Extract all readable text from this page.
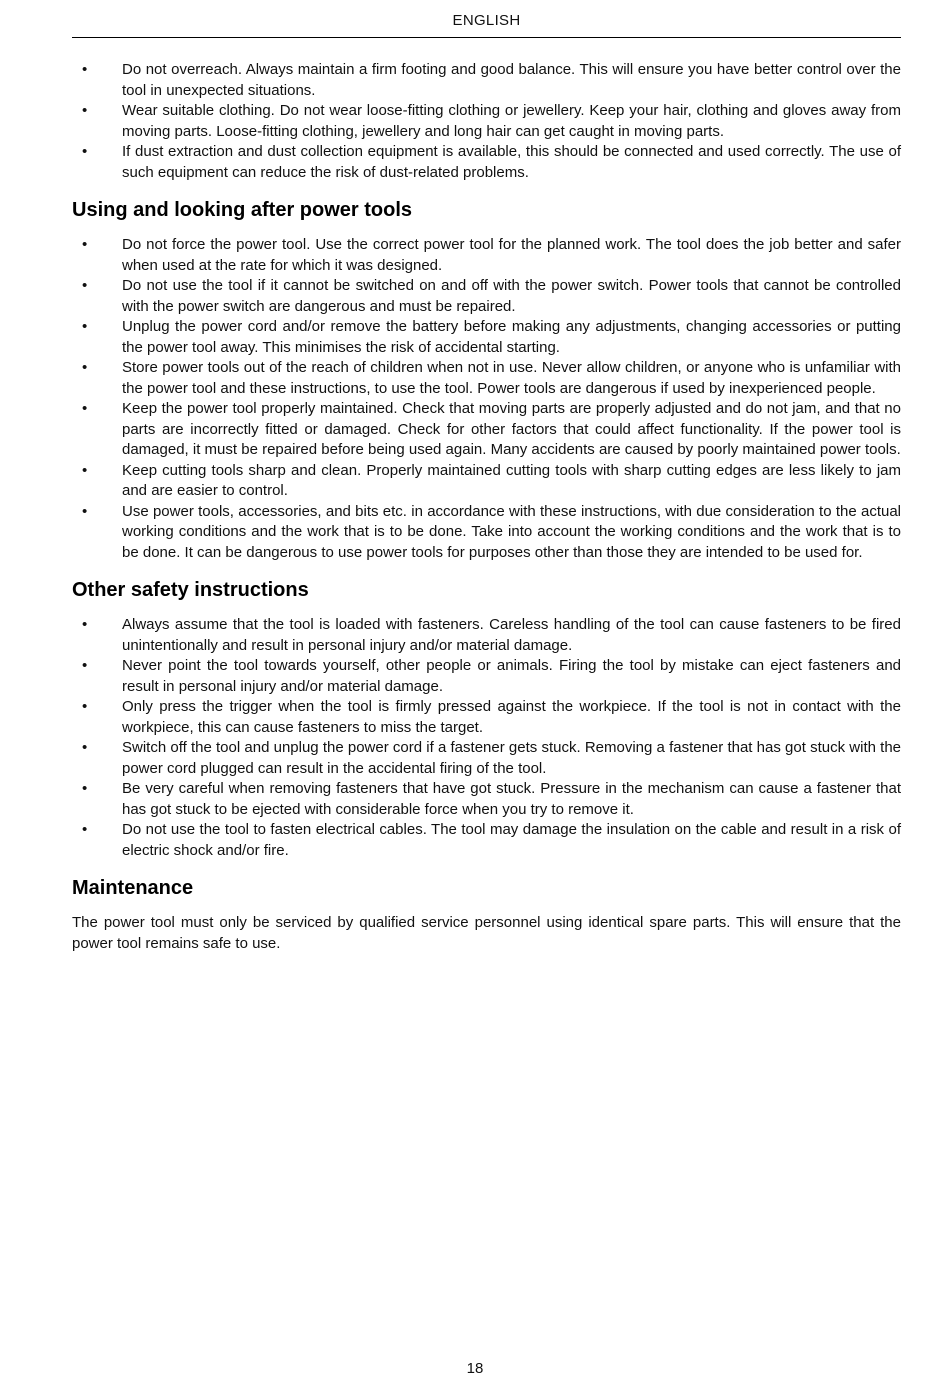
ENGLISH
•	Do not overreach. Always maintain a firm footing and good balance. This will ensure you have better control over the tool in unexpected situations.
•	Wear suitable clothing. Do not wear loose-fitting clothing or jewellery. Keep your hair, clothing and gloves away from moving parts. Loose-fitting clothing, jewellery and long hair can get caught in moving parts.
•	If dust extraction and dust collection equipment is available, this should be connected and used correctly. The use of such equipment can reduce the risk of dust-related problems.
Using and looking after power tools
•	Do not force the power tool. Use the correct power tool for the planned work. The tool does the job better and safer when used at the rate for which it was designed.
•	Do not use the tool if it cannot be switched on and off with the power switch. Power tools that cannot be controlled with the power switch are dangerous and must be repaired.
•	Unplug the power cord and/or remove the battery before making any adjustments, changing accessories or putting the power tool away. This minimises the risk of accidental starting.
•	Store power tools out of the reach of children when not in use. Never allow children, or anyone who is unfamiliar with the power tool and these instructions, to use the tool. Power tools are dangerous if used by inexperienced people.
•	Keep the power tool properly maintained. Check that moving parts are properly adjusted and do not jam, and that no parts are incorrectly fitted or damaged. Check for other factors that could affect functionality. If the power tool is damaged, it must be repaired before being used again. Many accidents are caused by poorly maintained power tools.
•	Keep cutting tools sharp and clean. Properly maintained cutting tools with sharp cutting edges are less likely to jam and are easier to control.
•	Use power tools, accessories, and bits etc. in accordance with these instructions, with due consideration to the actual working conditions and the work that is to be done. Take into account the working conditions and the work that is to be done. It can be dangerous to use power tools for purposes other than those they are intended to be used for.
Other safety instructions
•	Always assume that the tool is loaded with fasteners. Careless handling of the tool can cause fasteners to be fired unintentionally and result in personal injury and/or material damage.
•	Never point the tool towards yourself, other people or animals. Firing the tool by mistake can eject fasteners and result in personal injury and/or material damage.
•	Only press the trigger when the tool is firmly pressed against the workpiece. If the tool is not in contact with the workpiece, this can cause fasteners to miss the target.
•	Switch off the tool and unplug the power cord if a fastener gets stuck. Removing a fastener that has got stuck with the power cord plugged can result in the accidental firing of the tool.
•	Be very careful when removing fasteners that have got stuck. Pressure in the mechanism can cause a fastener that has got stuck to be ejected with considerable force when you try to remove it.
•	Do not use the tool to fasten electrical cables. The tool may damage the insulation on the cable and result in a risk of electric shock and/or fire.
Maintenance

The power tool must only be serviced by qualified service personnel using identical spare parts. This will ensure that the power tool remains safe to use.

18
